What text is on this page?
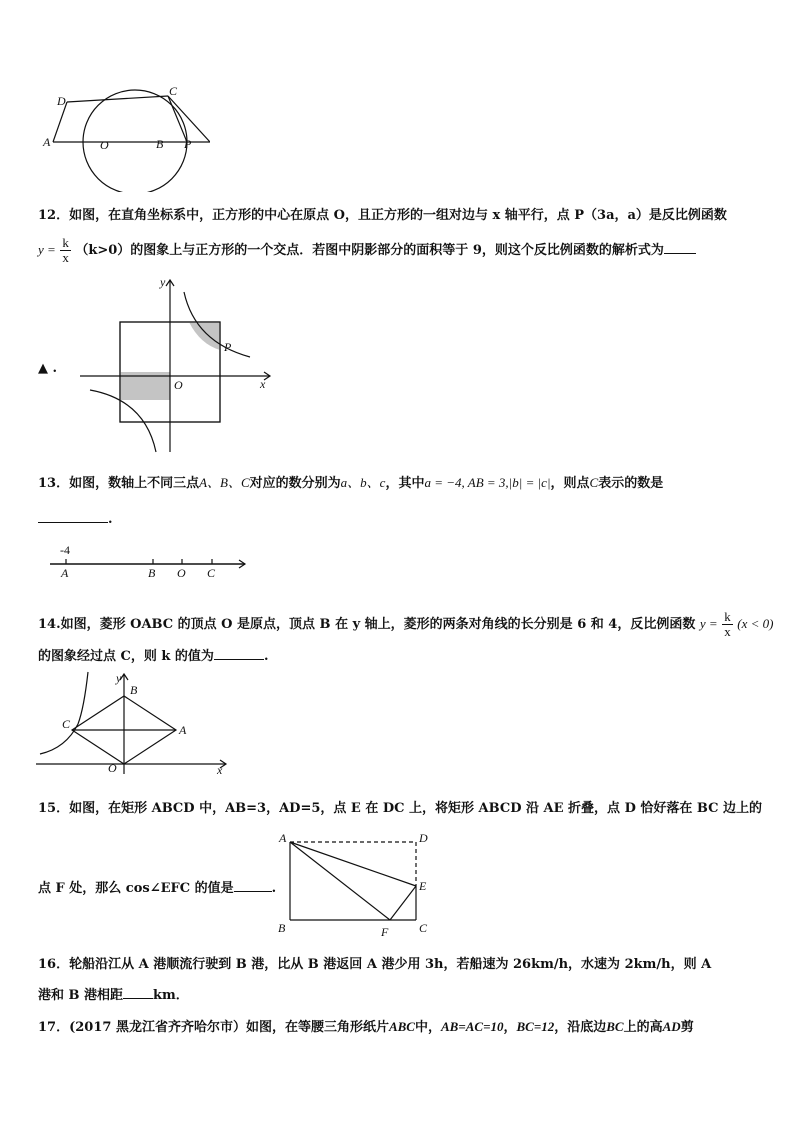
D
C
A	O	B P
12．如图，在直角坐标系中，正方形的中心在原点 O，且正方形的一组对边与 x 轴平行，点 P（3a，a）是反比例函数
$y = \frac{k}{x} (k>0)$的图象上与正方形的一个交点．若图中阴影部分的面积等于 9，则这个反比例函数的解析式为
▲ .
y
x
O
P
13．如图，数轴上不同三点A、B、C对应的数分别为a、b、c，其中a = −4, AB = 3,|b| = |c|，则点C表示的数是
.
-4
A	B O C
14.如图，菱形 OABC 的顶点 O 是原点，顶点 B 在 y 轴上，菱形的两条对角线的长分别是 6 和 4，反比例函数 $y = \frac{k}{x} (x < 0)$
的图象经过点 C，则 k 的值为	.
y
B
C	A
O	x
15．如图，在矩形 ABCD 中，AB=3，AD=5，点 E 在 DC 上，将矩形 ABCD 沿 AE 折叠，点 D 恰好落在 BC 边上的
点 F 处，那么 cos∠EFC 的值是	.
A	D
E
B	F	C
16．轮船沿江从 A 港顺流行驶到 B 港，比从 B 港返回 A 港少用 3h，若船速为 26km/h，水速为 2km/h，则 A
港和 B 港相距 km．
17．(2017 黑龙江省齐齐哈尔市）如图，在等腰三角形纸片ABC中，AB=AC=10，BC=12，沿底边BC上的高AD剪
